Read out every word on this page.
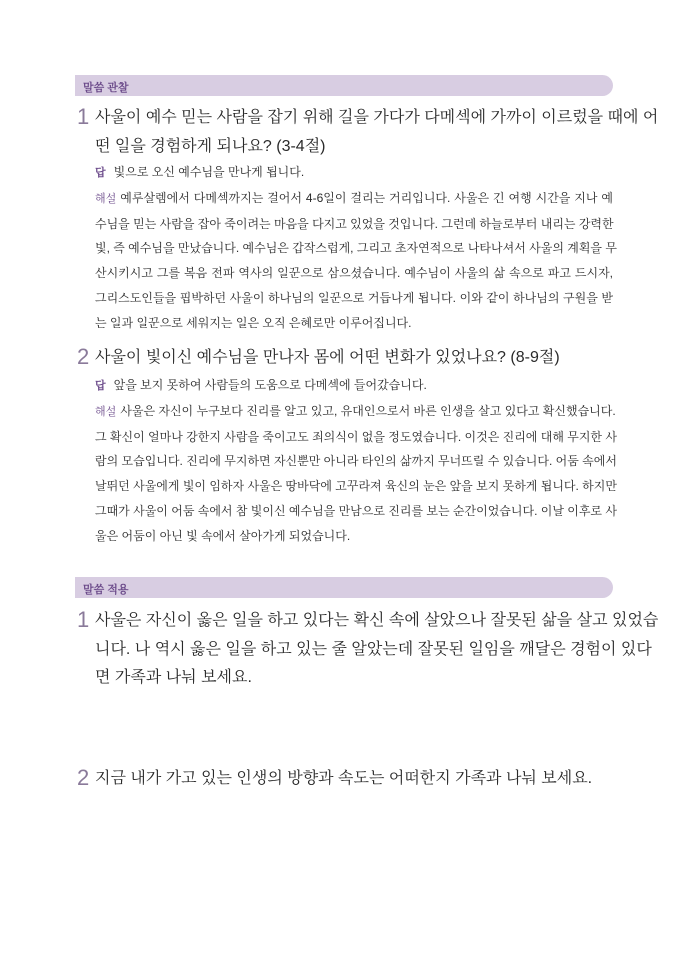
말씀 관찰
1 사울이 예수 믿는 사람을 잡기 위해 길을 가다가 다메섹에 가까이 이르렀을 때에 어
떤 일을 경험하게 되나요? (3-4절)
답 빛으로 오신 예수님을 만나게 됩니다.
해설 예루살렘에서 다메섹까지는 걸어서 4-6일이 걸리는 거리입니다. 사울은 긴 여행 시간을 지나 예
수님을 믿는 사람을 잡아 죽이려는 마음을 다지고 있었을 것입니다. 그런데 하늘로부터 내리는 강력한
빛, 즉 예수님을 만났습니다. 예수님은 갑작스럽게, 그리고 초자연적으로 나타나셔서 사울의 계획을 무
산시키시고 그를 복음 전파 역사의 일꾼으로 삼으셨습니다. 예수님이 사울의 삶 속으로 파고 드시자,
그리스도인들을 핍박하던 사울이 하나님의 일꾼으로 거듭나게 됩니다. 이와 같이 하나님의 구원을 받
는 일과 일꾼으로 세워지는 일은 오직 은혜로만 이루어집니다.
2 사울이 빛이신 예수님을 만나자 몸에 어떤 변화가 있었나요? (8-9절)
답 앞을 보지 못하여 사람들의 도움으로 다메섹에 들어갔습니다.
해설 사울은 자신이 누구보다 진리를 알고 있고, 유대인으로서 바른 인생을 살고 있다고 확신했습니다.
그 확신이 얼마나 강한지 사람을 죽이고도 죄의식이 없을 정도였습니다. 이것은 진리에 대해 무지한 사
람의 모습입니다. 진리에 무지하면 자신뿐만 아니라 타인의 삶까지 무너뜨릴 수 있습니다. 어둠 속에서
날뛰던 사울에게 빛이 임하자 사울은 땅바닥에 고꾸라져 육신의 눈은 앞을 보지 못하게 됩니다. 하지만
그때가 사울이 어둠 속에서 참 빛이신 예수님을 만남으로 진리를 보는 순간이었습니다. 이날 이후로 사
울은 어둠이 아닌 빛 속에서 살아가게 되었습니다.
말씀 적용
1 사울은 자신이 옳은 일을 하고 있다는 확신 속에 살았으나 잘못된 삶을 살고 있었습
니다. 나 역시 옳은 일을 하고 있는 줄 알았는데 잘못된 일임을 깨달은 경험이 있다
면 가족과 나눠 보세요.
2 지금 내가 가고 있는 인생의 방향과 속도는 어떠한지 가족과 나눠 보세요.
